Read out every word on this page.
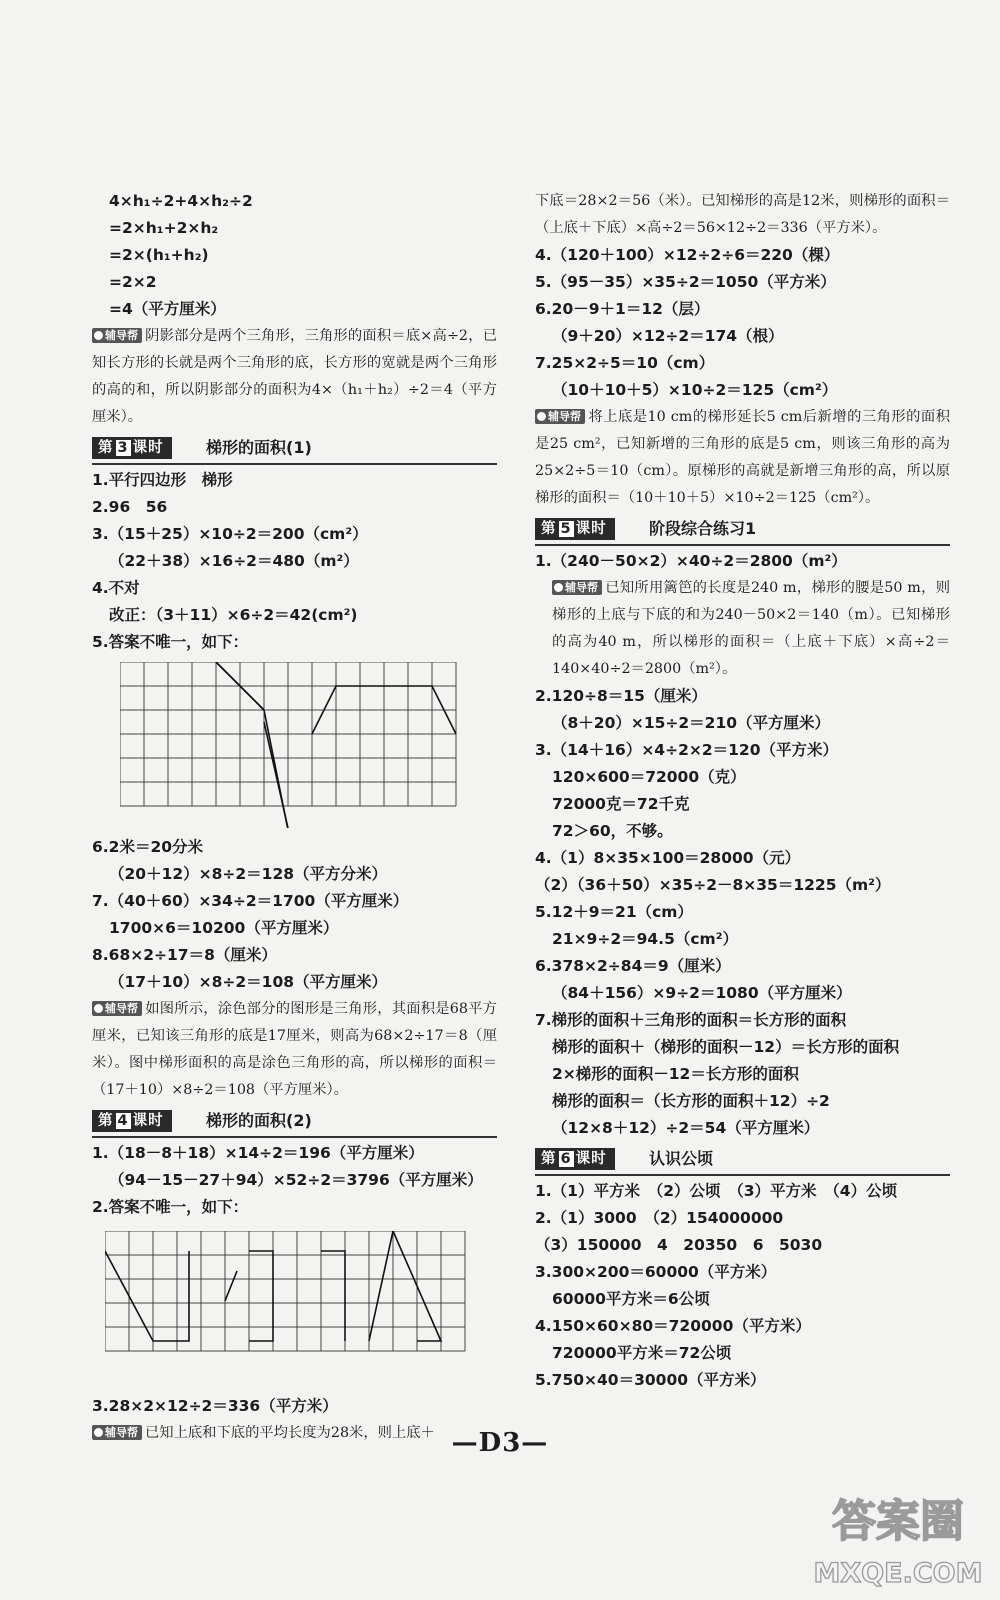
4×h₁÷2+4×h₂÷2
=2×h₁+2×h₂
=2×(h₁+h₂)
=2×2
=4（平方厘米）
辅导帮 阴影部分是两个三角形，三角形的面积＝底×高÷2，已知长方形的长就是两个三角形的底，长方形的宽就是两个三角形的高的和，所以阴影部分的面积为4×（h₁＋h₂）÷2＝4（平方厘米）。
第 3 课时	梯形的面积(1)
1.平行四边形　梯形
2.96　56
3.（15＋25）×10÷2＝200（cm²）
（22＋38）×16÷2＝480（m²）
4.不对
改正：（3＋11）×6÷2＝42(cm²)
5.答案不唯一，如下：
6.2米＝20分米
（20＋12）×8÷2＝128（平方分米）
7.（40＋60）×34÷2＝1700（平方厘米）
1700×6＝10200（平方厘米）
8.68×2÷17＝8（厘米）
（17＋10）×8÷2＝108（平方厘米）
辅导帮 如图所示，涂色部分的图形是三角形，其面积是68平方厘米，已知该三角形的底是17厘米，则高为68×2÷17＝8（厘米）。图中梯形面积的高是涂色三角形的高，所以梯形的面积＝（17＋10）×8÷2＝108（平方厘米）。
第 4 课时	梯形的面积(2)
1.（18－8＋18）×14÷2＝196（平方厘米）
（94－15－27＋94）×52÷2＝3796（平方厘米）
2.答案不唯一，如下：
3.28×2×12÷2＝336（平方米）
辅导帮 已知上底和下底的平均长度为28米，则上底＋
下底＝28×2＝56（米）。已知梯形的高是12米，则梯形的面积＝（上底＋下底）×高÷2＝56×12÷2＝336（平方米）。
4.（120＋100）×12÷2÷6＝220（棵）
5.（95－35）×35÷2＝1050（平方米）
6.20－9＋1＝12（层）
（9＋20）×12÷2＝174（根）
7.25×2÷5＝10（cm）
（10＋10＋5）×10÷2＝125（cm²）
辅导帮 将上底是10 cm的梯形延长5 cm后新增的三角形的面积是25 cm²，已知新增的三角形的底是5 cm，则该三角形的高为25×2÷5＝10（cm）。原梯形的高就是新增三角形的高，所以原梯形的面积＝（10＋10＋5）×10÷2＝125（cm²）。
第 5 课时	阶段综合练习1
1.（240－50×2）×40÷2＝2800（m²）
辅导帮 已知所用篱笆的长度是240 m，梯形的腰是50 m，则梯形的上底与下底的和为240－50×2＝140（m）。已知梯形的高为40 m，所以梯形的面积＝（上底＋下底）×高÷2＝140×40÷2＝2800（m²）。
2.120÷8＝15（厘米）
（8＋20）×15÷2＝210（平方厘米）
3.（14＋16）×4÷2×2＝120（平方米）
120×600＝72000（克）
72000克＝72千克
72＞60，不够。
4.（1）8×35×100＝28000（元）
（2）（36＋50）×35÷2－8×35＝1225（m²）
5.12＋9＝21（cm）
21×9÷2＝94.5（cm²）
6.378×2÷84＝9（厘米）
（84＋156）×9÷2＝1080（平方厘米）
7.梯形的面积＋三角形的面积＝长方形的面积
梯形的面积＋（梯形的面积－12）＝长方形的面积
2×梯形的面积－12＝长方形的面积
梯形的面积＝（长方形的面积＋12）÷2
（12×8＋12）÷2＝54（平方厘米）
第 6 课时	认识公顷
1.（1）平方米　（2）公顷　（3）平方米　（4）公顷
2.（1）3000　（2）154000000
（3）150000　4　20350　6　5030
3.300×200＝60000（平方米）
60000平方米＝6公顷
4.150×60×80＝720000（平方米）
720000平方米＝72公顷
5.750×40＝30000（平方米）
—D3—
答案圈
MXQE.COM
